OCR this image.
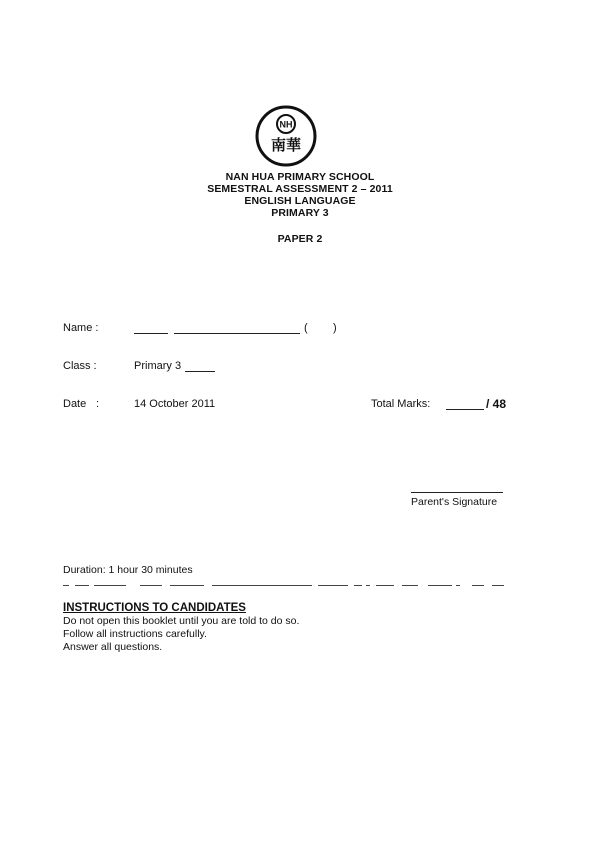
NH
南華
NAN HUA PRIMARY SCHOOL
SEMESTRAL ASSESSMENT 2 – 2011
ENGLISH LANGUAGE
PRIMARY 3
PAPER 2
Name :	( )
Class :	Primary 3
Date :	14 October 2011	Total Marks:	/ 48
Parent's Signature
Duration: 1 hour 30 minutes
INSTRUCTIONS TO CANDIDATES
Do not open this booklet until you are told to do so.
Follow all instructions carefully.
Answer all questions.
